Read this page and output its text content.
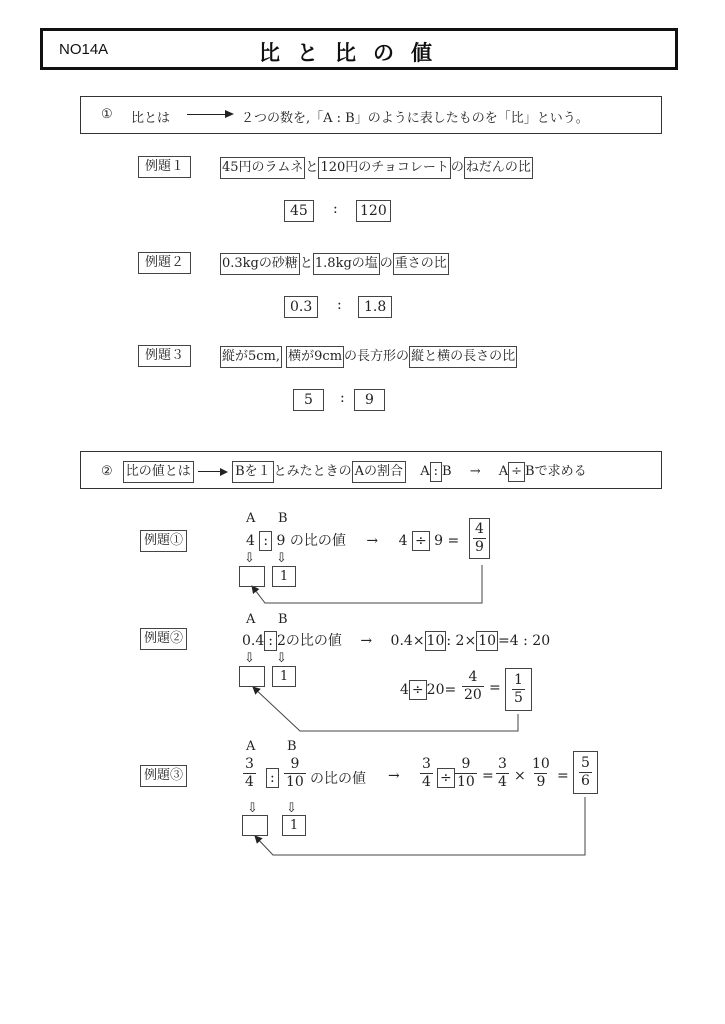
NO14A	比と比の値
① 比とは	２つの数を,「A : B」のように表したものを「比」という。
例題１	45円のラムネ と 120円のチョコレート の ねだんの比
45	: 120
例題２	0.3kgの砂糖 と 1.8kgの塩 の 重さの比
0.3	:	1.8
例題３	縦が5cm, 横が9cm の長方形の 縦と横の長さの比
5	:	9
② 比の値とは	Bを１ とみたときの Aの割合 A : B → A ÷ Bで求める
例題①
A B
4 : 9 の比の値 → $4 \div 9 = \frac{4}{9}$
⇩ ⇩
1
例題②
A B
0.4 : 2の比の値 → 0.4× 10 : 2× 10 =4 : 20
$4 \div 20= \frac{4}{20} = \frac{1}{5}$
⇩ ⇩
1
例題③
A B
$\frac{3}{4}$ : $\frac{9}{10}$ の比の値 → $\frac{3}{4} \div \frac{9}{10} = \frac{3}{4} \times \frac{10}{9} = \frac{5}{6}$
⇩ ⇩
1
